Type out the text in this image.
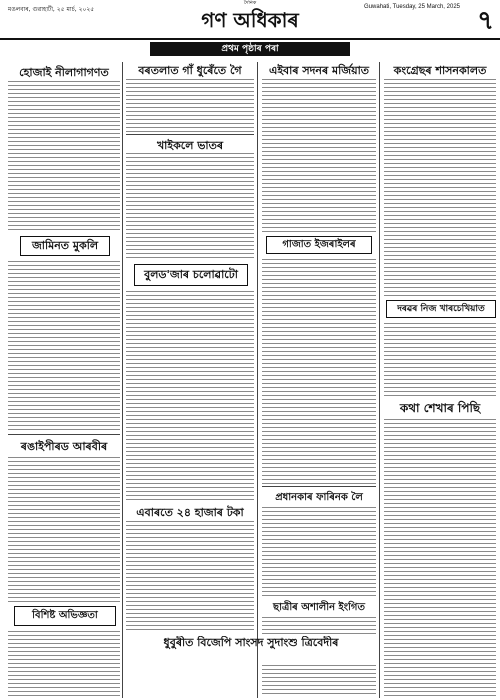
মঙলবাৰ, গুৱাহাটী, ২৫ মাৰ্চ, ২০২৫
দৈনিক
গণ অধিকাৰ
Guwahati, Tuesday, 25 March, 2025 ৭
প্ৰথম পৃষ্ঠাৰ পৰা
হোজাই নীলাগাগণত	বৰতলাত গাঁ ধুৰেঁতে গৈ	এইবাৰ সদনৰ মৰ্জিয়াত	কংগ্ৰেছৰ শাসনকালত
জামিনত মুকলি
ৰঙাইপীৰড আৰবীৰ
বিশিষ্ট অভিজ্ঞতা
খাইকলে ভাতৰ
বুলড'জাৰ চলোৱাটো
এবাৰতে ২৪ হাজাৰ টকা
ধুবুৰীত বিজেপি সাংসদ সুদাংশু ত্ৰিবেদীৰ
গাজাত ইজৰাইলৰ
প্ৰধানকাৰ ফাৰিনক লৈ
ছাত্ৰীৰ অশালীন ইংগিত
দৰৱৰ নিজ খাৰচেখিয়াত
কথা শেখাৰ পিছি
